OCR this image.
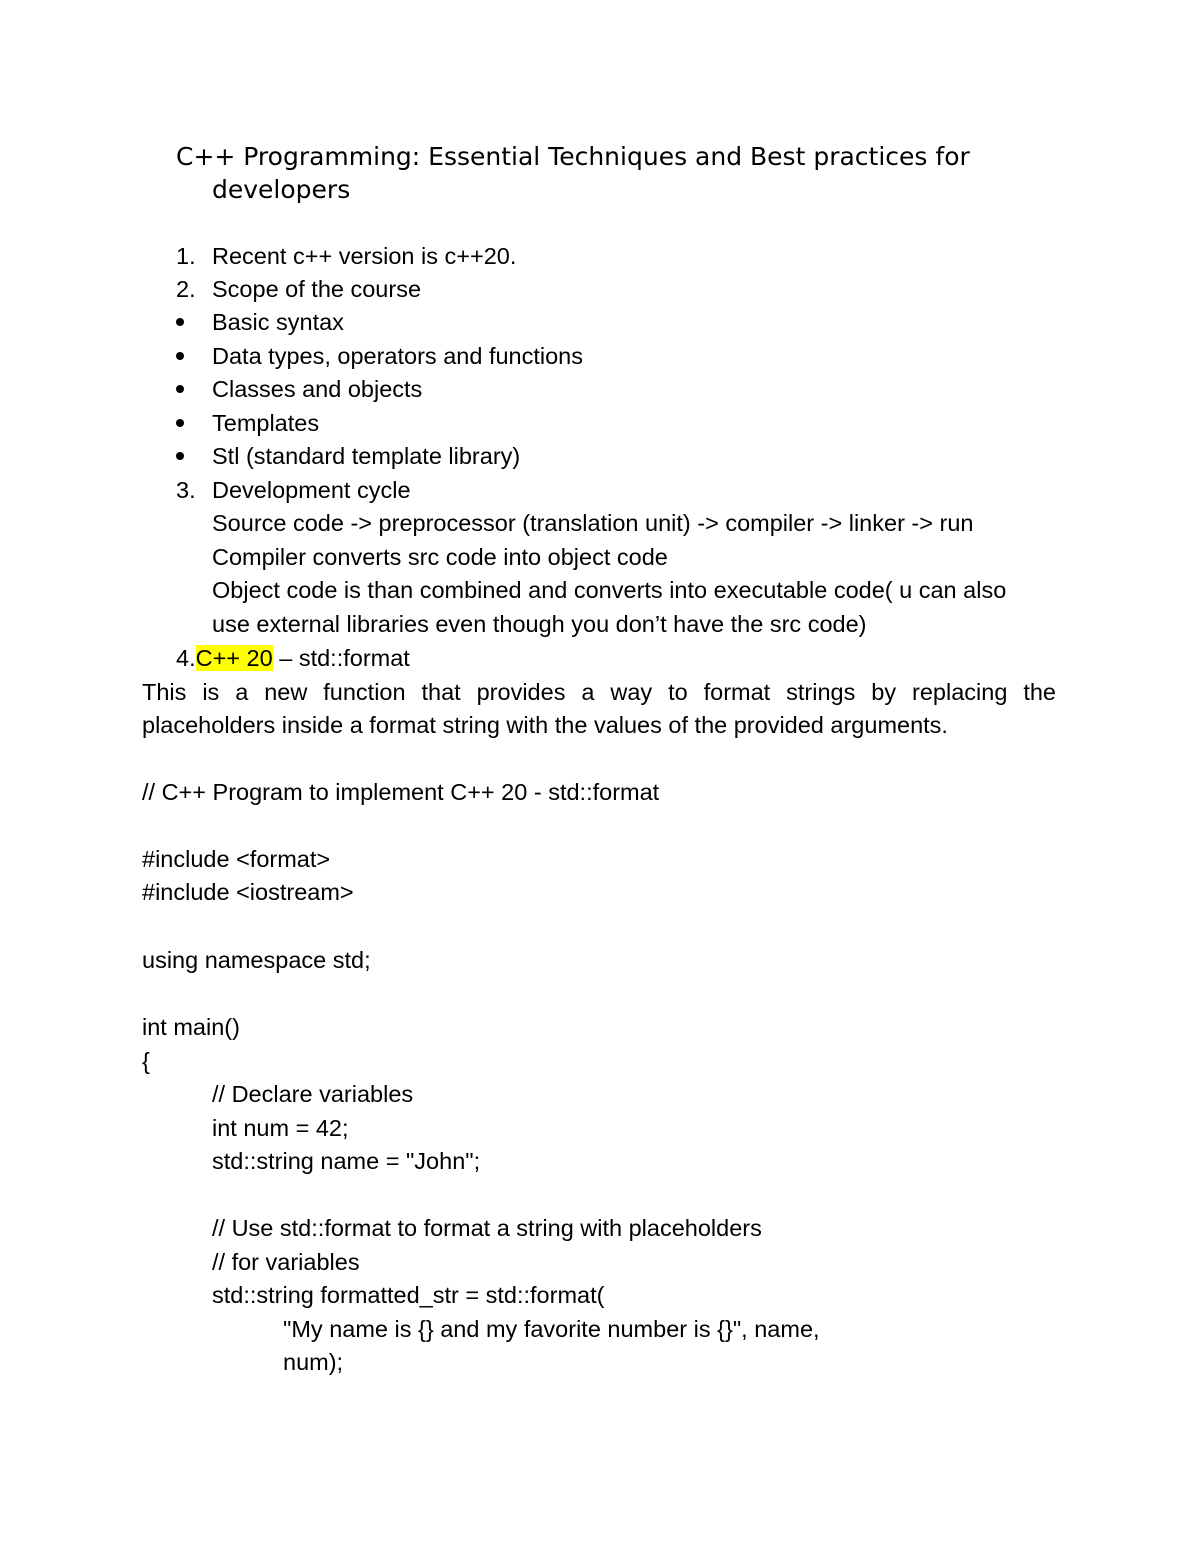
C++ Programming: Essential Techniques and Best practices for
developers
1. Recent c++ version is c++20.
2. Scope of the course
Basic syntax
Data types, operators and functions
Classes and objects
Templates
Stl (standard template library)
3. Development cycle
Source code -> preprocessor (translation unit) -> compiler -> linker -> run
Compiler converts src code into object code
Object code is than combined and converts into executable code( u can also
use external libraries even though you don’t have the src code)
4.C++ 20 – std::format
This is a new function that provides a way to format strings by replacing the placeholders inside a format string with the values of the provided arguments.
// C++ Program to implement C++ 20 - std::format
#include <format>
#include <iostream>
using namespace std;
int main()
{
// Declare variables
int num = 42;
std::string name = "John";
// Use std::format to format a string with placeholders
// for variables
std::string formatted_str = std::format(
"My name is {} and my favorite number is {}", name,
num);
